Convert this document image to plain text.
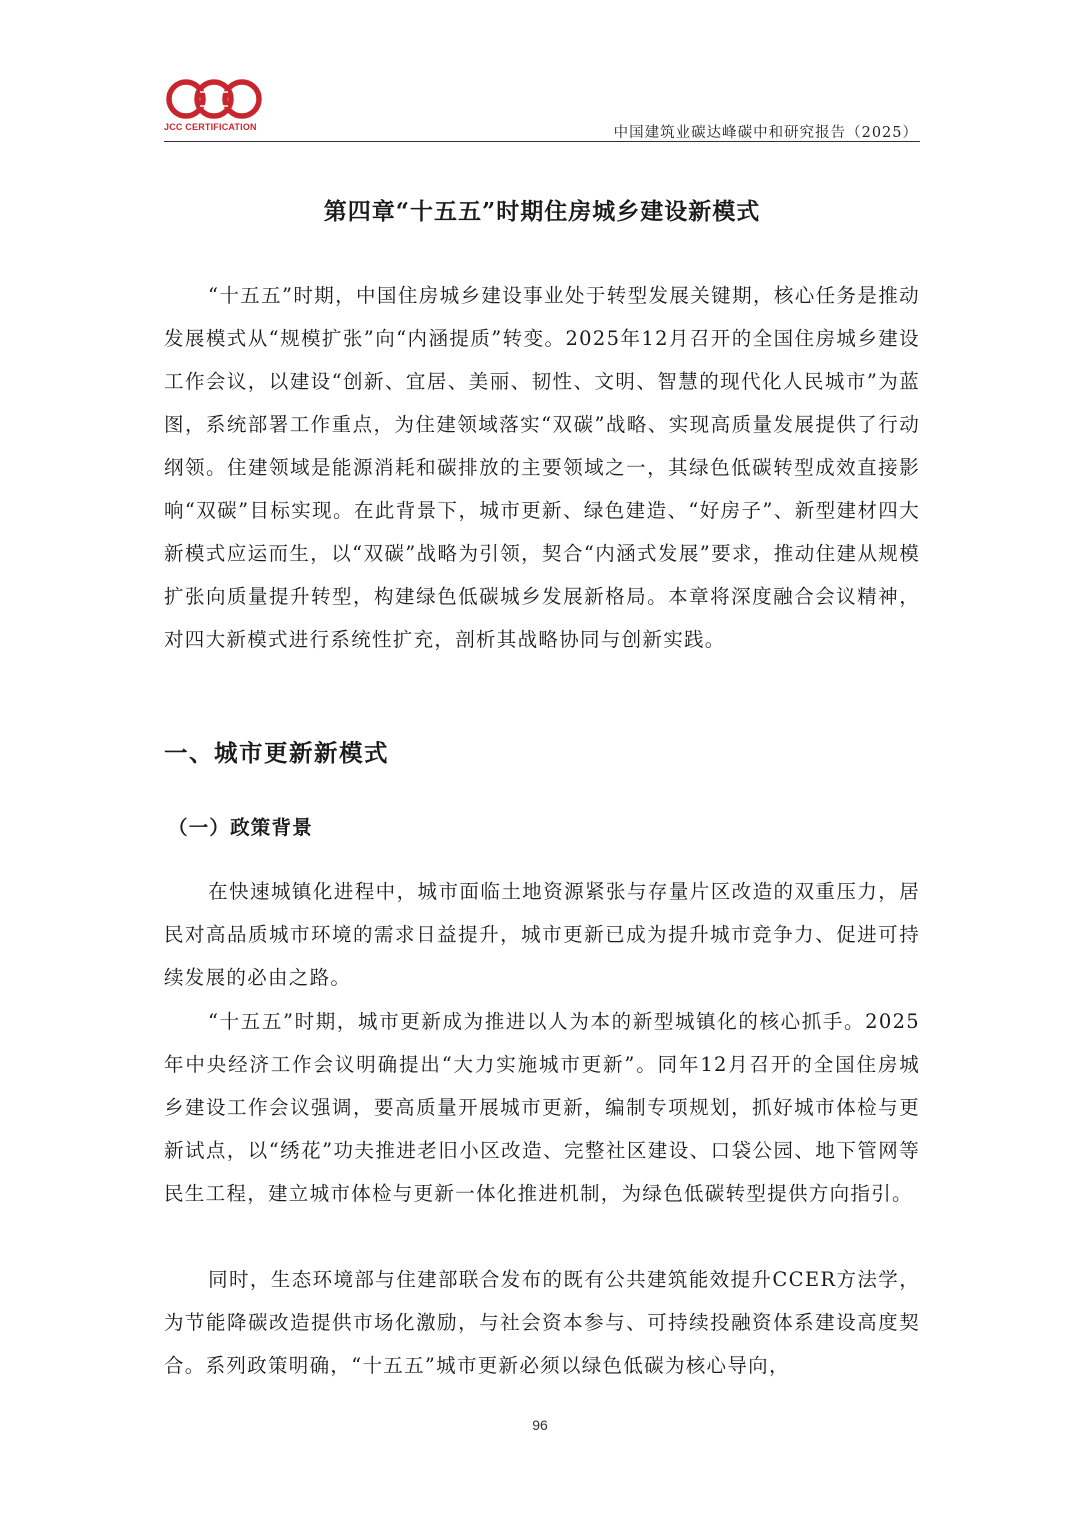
JCC CERTIFICATION	中国建筑业碳达峰碳中和研究报告（2025）
第四章“十五五”时期住房城乡建设新模式

“十五五”时期，中国住房城乡建设事业处于转型发展关键期，核心任务是推动发展模式从“规模扩张”向“内涵提质”转变。2025年12月召开的全国住房城乡建设工作会议，以建设“创新、宜居、美丽、韧性、文明、智慧的现代化人民城市”为蓝图，系统部署工作重点，为住建领域落实“双碳”战略、实现高质量发展提供了行动纲领。住建领域是能源消耗和碳排放的主要领域之一，其绿色低碳转型成效直接影响“双碳”目标实现。在此背景下，城市更新、绿色建造、“好房子”、新型建材四大新模式应运而生，以“双碳”战略为引领，契合“内涵式发展”要求，推动住建从规模扩张向质量提升转型，构建绿色低碳城乡发展新格局。本章将深度融合会议精神，对四大新模式进行系统性扩充，剖析其战略协同与创新实践。

一、城市更新新模式
（一）政策背景

在快速城镇化进程中，城市面临土地资源紧张与存量片区改造的双重压力，居民对高品质城市环境的需求日益提升，城市更新已成为提升城市竞争力、促进可持续发展的必由之路。

“十五五”时期，城市更新成为推进以人为本的新型城镇化的核心抓手。2025年中央经济工作会议明确提出“大力实施城市更新”。同年12月召开的全国住房城乡建设工作会议强调，要高质量开展城市更新，编制专项规划，抓好城市体检与更新试点，以“绣花”功夫推进老旧小区改造、完整社区建设、口袋公园、地下管网等民生工程，建立城市体检与更新一体化推进机制，为绿色低碳转型提供方向指引。

同时，生态环境部与住建部联合发布的既有公共建筑能效提升CCER方法学，为节能降碳改造提供市场化激励，与社会资本参与、可持续投融资体系建设高度契合。系列政策明确，“十五五”城市更新必须以绿色低碳为核心导向，

96
